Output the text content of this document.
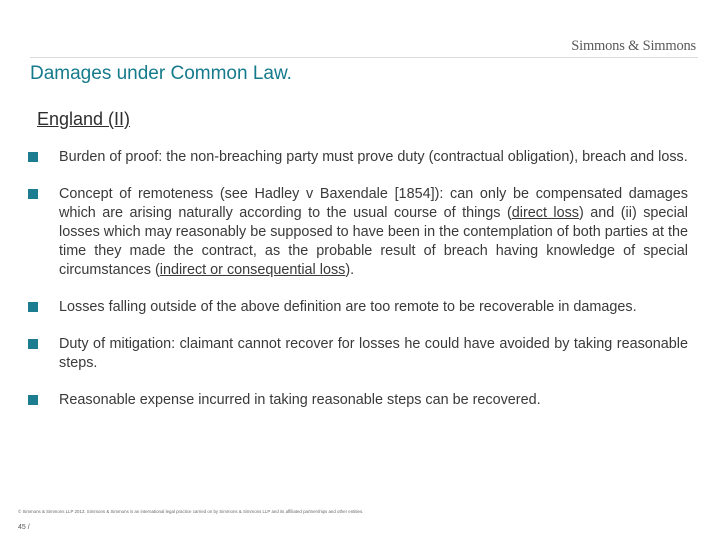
Simmons & Simmons
Damages under Common Law.
England (II)
Burden of proof: the non-breaching party must prove duty (contractual obligation), breach and loss.
Concept of remoteness (see Hadley v Baxendale [1854]): can only be compensated damages which are arising naturally according to the usual course of things (direct loss) and (ii) special losses which may reasonably be supposed to have been in the contemplation of both parties at the time they made the contract, as the probable result of breach having knowledge of special circumstances (indirect or consequential loss).
Losses falling outside of the above definition are too remote to be recoverable in damages.
Duty of mitigation: claimant cannot recover for losses he could have avoided by taking reasonable steps.
Reasonable expense incurred in taking reasonable steps can be recovered.
© Simmons & Simmons LLP 2013. Simmons & Simmons is an international legal practice carried on by Simmons & Simmons LLP and its affiliated partnerships and other entities.
45 /
